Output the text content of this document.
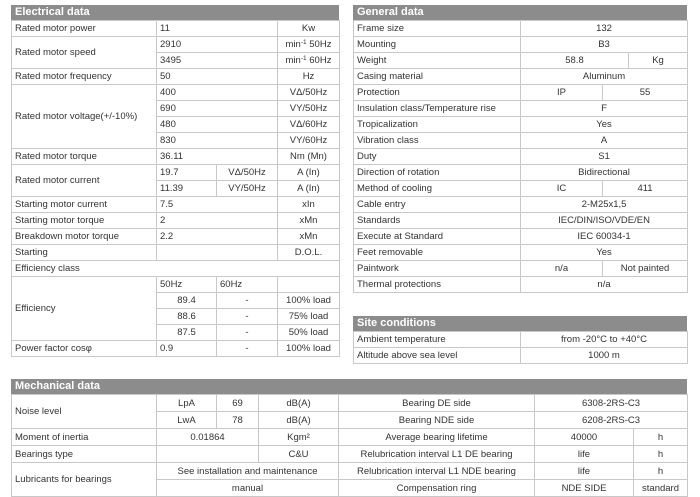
Electrical data
Rated motor power	11		Kw
Rated motor speed	2910		$\min^{-1} 50Hz$
	3495		$\min^{-1} 60Hz$
Rated motor frequency	50		Hz
Rated motor voltage(+/-10%)	400		VΔ/50Hz
	690		VY/50Hz
	480		VΔ/60Hz
	830		VY/60Hz
Rated motor torque	36.11		Nm (Mn)
Rated motor current	19.7	VΔ/50Hz	A (In)
	11.39	VY/50Hz	A (In)
Starting motor current	7.5		xIn
Starting motor torque	2		xMn
Breakdown motor torque	2.2		xMn
Starting			D.O.L.
Efficiency class			
Efficiency	50Hz	60Hz	
	89.4	-	100% load
	88.6	-	75% load
	87.5	-	50% load
Power factor cosφ	0.9	-	100% load
General data
Frame size	132		
Mounting	B3		
Weight	58.8		Kg
Casing material	Aluminum		
Protection	IP	55	
Insulation class/Temperature rise	F		
Tropicalization	Yes		
Vibration class	A		
Duty	S1		
Direction of rotation	Bidirectional		
Method of cooling	IC	411	
Cable entry	2-M25x1,5		
Standards	IEC/DIN/ISO/VDE/EN		
Execute at Standard	IEC 60034-1		
Feet removable	Yes		
Paintwork	n/a	Not painted	
Thermal protections	n/a		
Site conditions
Ambient temperature	from -20°C to +40°C
Altitude above sea level	1000 m
Mechanical data
Noise level	LpA	69	dB(A)	Bearing DE side	6308-2RS-C3	
	LwA	78	dB(A)	Bearing NDE side	6208-2RS-C3	
Moment of inertia	0.01864		Kgm²	Average bearing lifetime	40000	h
Bearings type			C&U	Relubrication interval L1 DE bearing	life	h
Lubricants for bearings	See installation and maintenance			Relubrication interval L1 NDE bearing	life	h
	manual			Compensation ring	NDE SIDE	standard
